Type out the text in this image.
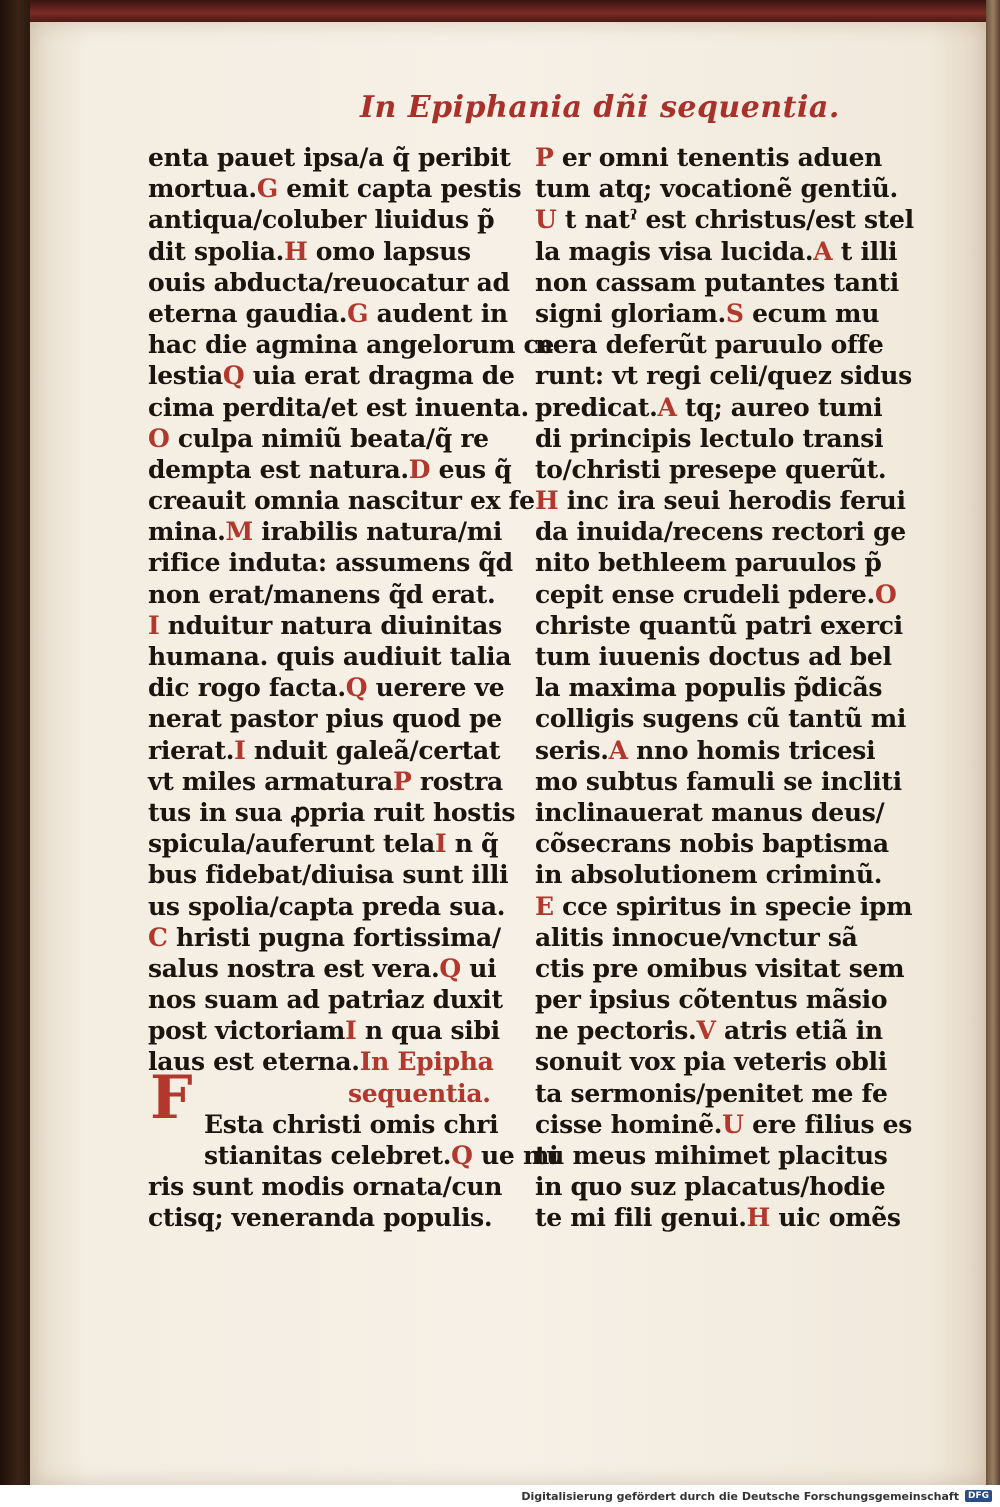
In Epiphania dñi sequentia.
enta pauet ipsa/a q̃ peribit
mortua.G emit capta pestis
antiqua/coluber liuidus p̃
dit spolia.H omo lapsus
ouis abducta/reuocatur ad
eterna gaudia.G audent in
hac die agmina angelorum ce
lestiaQ uia erat dragma de
cima perdita/et est inuenta.
O culpa nimiũ beata/q̃ re
dempta est natura.D eus q̃
creauit omnia nascitur ex fe
mina.M irabilis natura/mi
rifice induta: assumens q̃d
non erat/manens q̃d erat.
I nduitur natura diuinitas
humana. quis audiuit talia
dic rogo facta.Q uerere ve
nerat pastor pius quod pe
rierat.I nduit galeã/certat
vt miles armaturaP rostra
tus in sua ꝓpria ruit hostis
spicula/auferunt telaI n q̃
bus fidebat/diuisa sunt illi
us spolia/capta preda sua.
C hristi pugna fortissima/
salus nostra est vera.Q ui
nos suam ad patriaz duxit
post victoriamI n qua sibi
laus est eterna.In Epipha
sequentia.
Esta christi omis chri
stianitas celebret.Q ue mi
ris sunt modis ornata/cun
ctisq; veneranda populis.
F
P er omni tenentis aduen
tum atq; vocationẽ gentiũ.
U t natˀ est christus/est stel
la magis visa lucida.A t illi
non cassam putantes tanti
signi gloriam.S ecum mu
nera deferũt paruulo offe
runt: vt regi celi/quez sidus
predicat.A tq; aureo tumi
di principis lectulo transi
to/christi presepe querũt.
H inc ira seui herodis ferui
da inuida/recens rectori ge
nito bethleem paruulos p̃
cepit ense crudeli pdere.O
christe quantũ patri exerci
tum iuuenis doctus ad bel
la maxima populis p̃dicãs
colligis sugens cũ tantũ mi
seris.A nno homis tricesi
mo subtus famuli se incliti
inclinauerat manus deus/
cõsecrans nobis baptisma
in absolutionem criminũ.
E cce spiritus in specie ipm
alitis innocue/vnctur sã
ctis pre omibus visitat sem
per ipsius cõtentus mãsio
ne pectoris.V atris etiã in
sonuit vox pia veteris obli
ta sermonis/penitet me fe
cisse hominẽ.U ere filius es
tu meus mihimet placitus
in quo suz placatus/hodie
te mi fili genui.H uic omẽs
Digitalisierung gefördert durch die Deutsche Forschungsgemeinschaft	DFG
